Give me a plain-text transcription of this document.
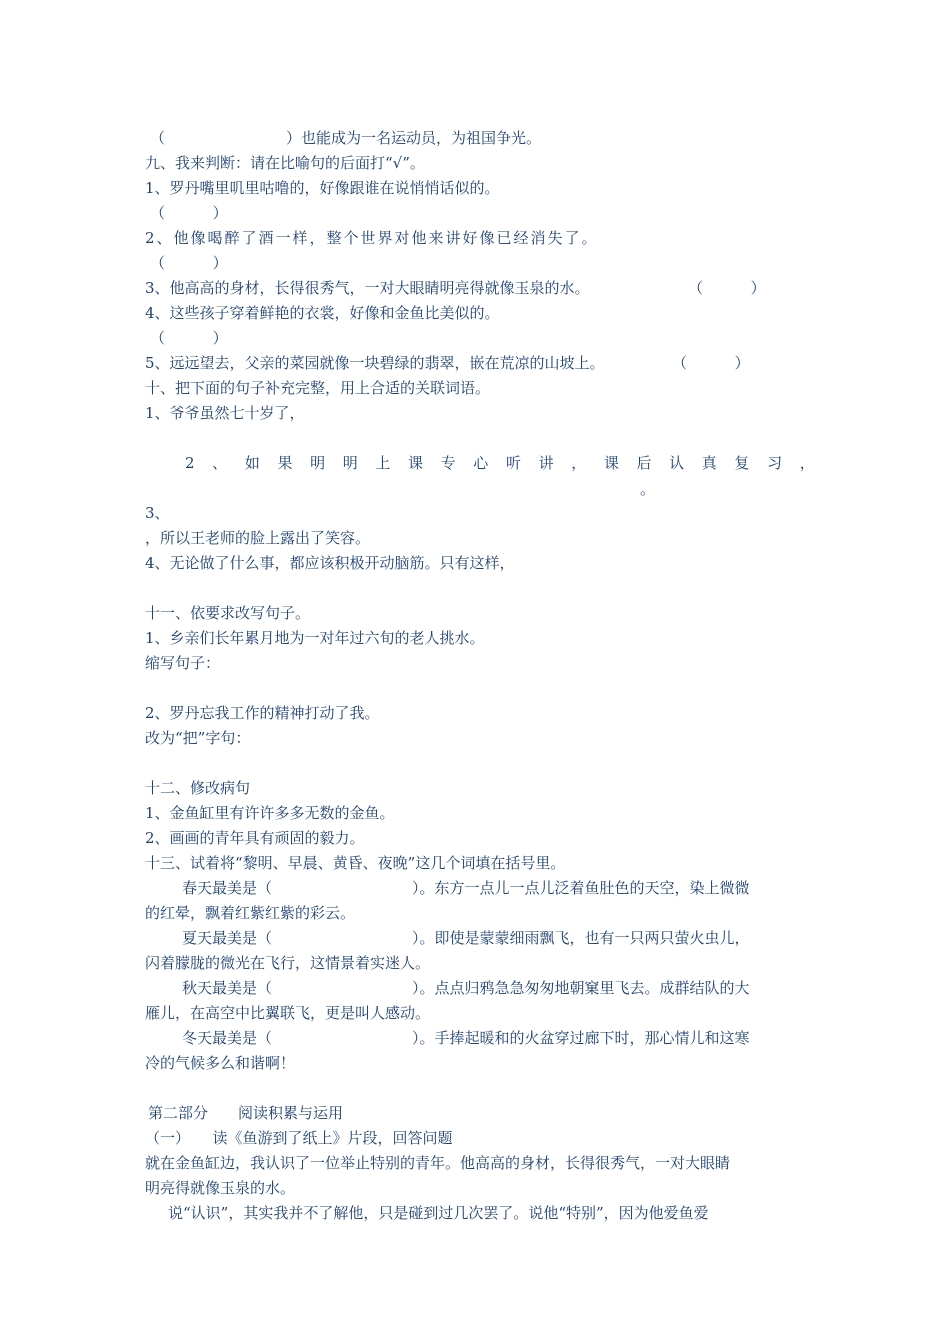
（	）也能成为一名运动员，为祖国争光。
九、我来判断：请在比喻句的后面打“√”。
1、罗丹嘴里叽里咕噜的，好像跟谁在说悄悄话似的。
（          ）
2、他像喝醉了酒一样，整个世界对他来讲好像已经消失了。
（          ）
3、他高高的身材，长得很秀气，一对大眼睛明亮得就像玉泉的水。	（          ）
4、这些孩子穿着鲜艳的衣裳，好像和金鱼比美似的。
（          ）
5、远远望去，父亲的菜园就像一块碧绿的翡翠，嵌在荒凉的山坡上。	（          ）
十、把下面的句子补充完整，用上合适的关联词语。
1、爷爷虽然七十岁了，
2 、 如 果 明 明 上 课 专 心 听 讲 ， 课 后 认 真 复 习 ，
。
3、
，所以王老师的脸上露出了笑容。
4、无论做了什么事，都应该积极开动脑筋。只有这样，
十一、依要求改写句子。
1、乡亲们长年累月地为一对年过六旬的老人挑水。
缩写句子：
2、罗丹忘我工作的精神打动了我。
改为“把”字句：
十二、修改病句
1、金鱼缸里有许许多多无数的金鱼。
2、画画的青年具有顽固的毅力。
十三、试着将“黎明、早晨、黄昏、夜晚”这几个词填在括号里。
春天最美是（	）。东方一点儿一点儿泛着鱼肚色的天空，染上微微
的红晕，飘着红紫红紫的彩云。
夏天最美是（	）。即使是蒙蒙细雨飘飞，也有一只两只萤火虫儿，
闪着朦胧的微光在飞行，这情景着实迷人。
秋天最美是（	）。点点归鸦急急匆匆地朝窠里飞去。成群结队的大
雁儿，在高空中比翼联飞，更是叫人感动。
冬天最美是（	）。手捧起暖和的火盆穿过廊下时，那心情儿和这寒
冷的气候多么和谐啊！
第二部分　　阅读积累与运用
（一）　　读《鱼游到了纸上》片段，回答问题
就在金鱼缸边，我认识了一位举止特别的青年。他高高的身材，长得很秀气，一对大眼睛
明亮得就像玉泉的水。
说“认识”，其实我并不了解他，只是碰到过几次罢了。说他“特别”，因为他爱鱼爱
